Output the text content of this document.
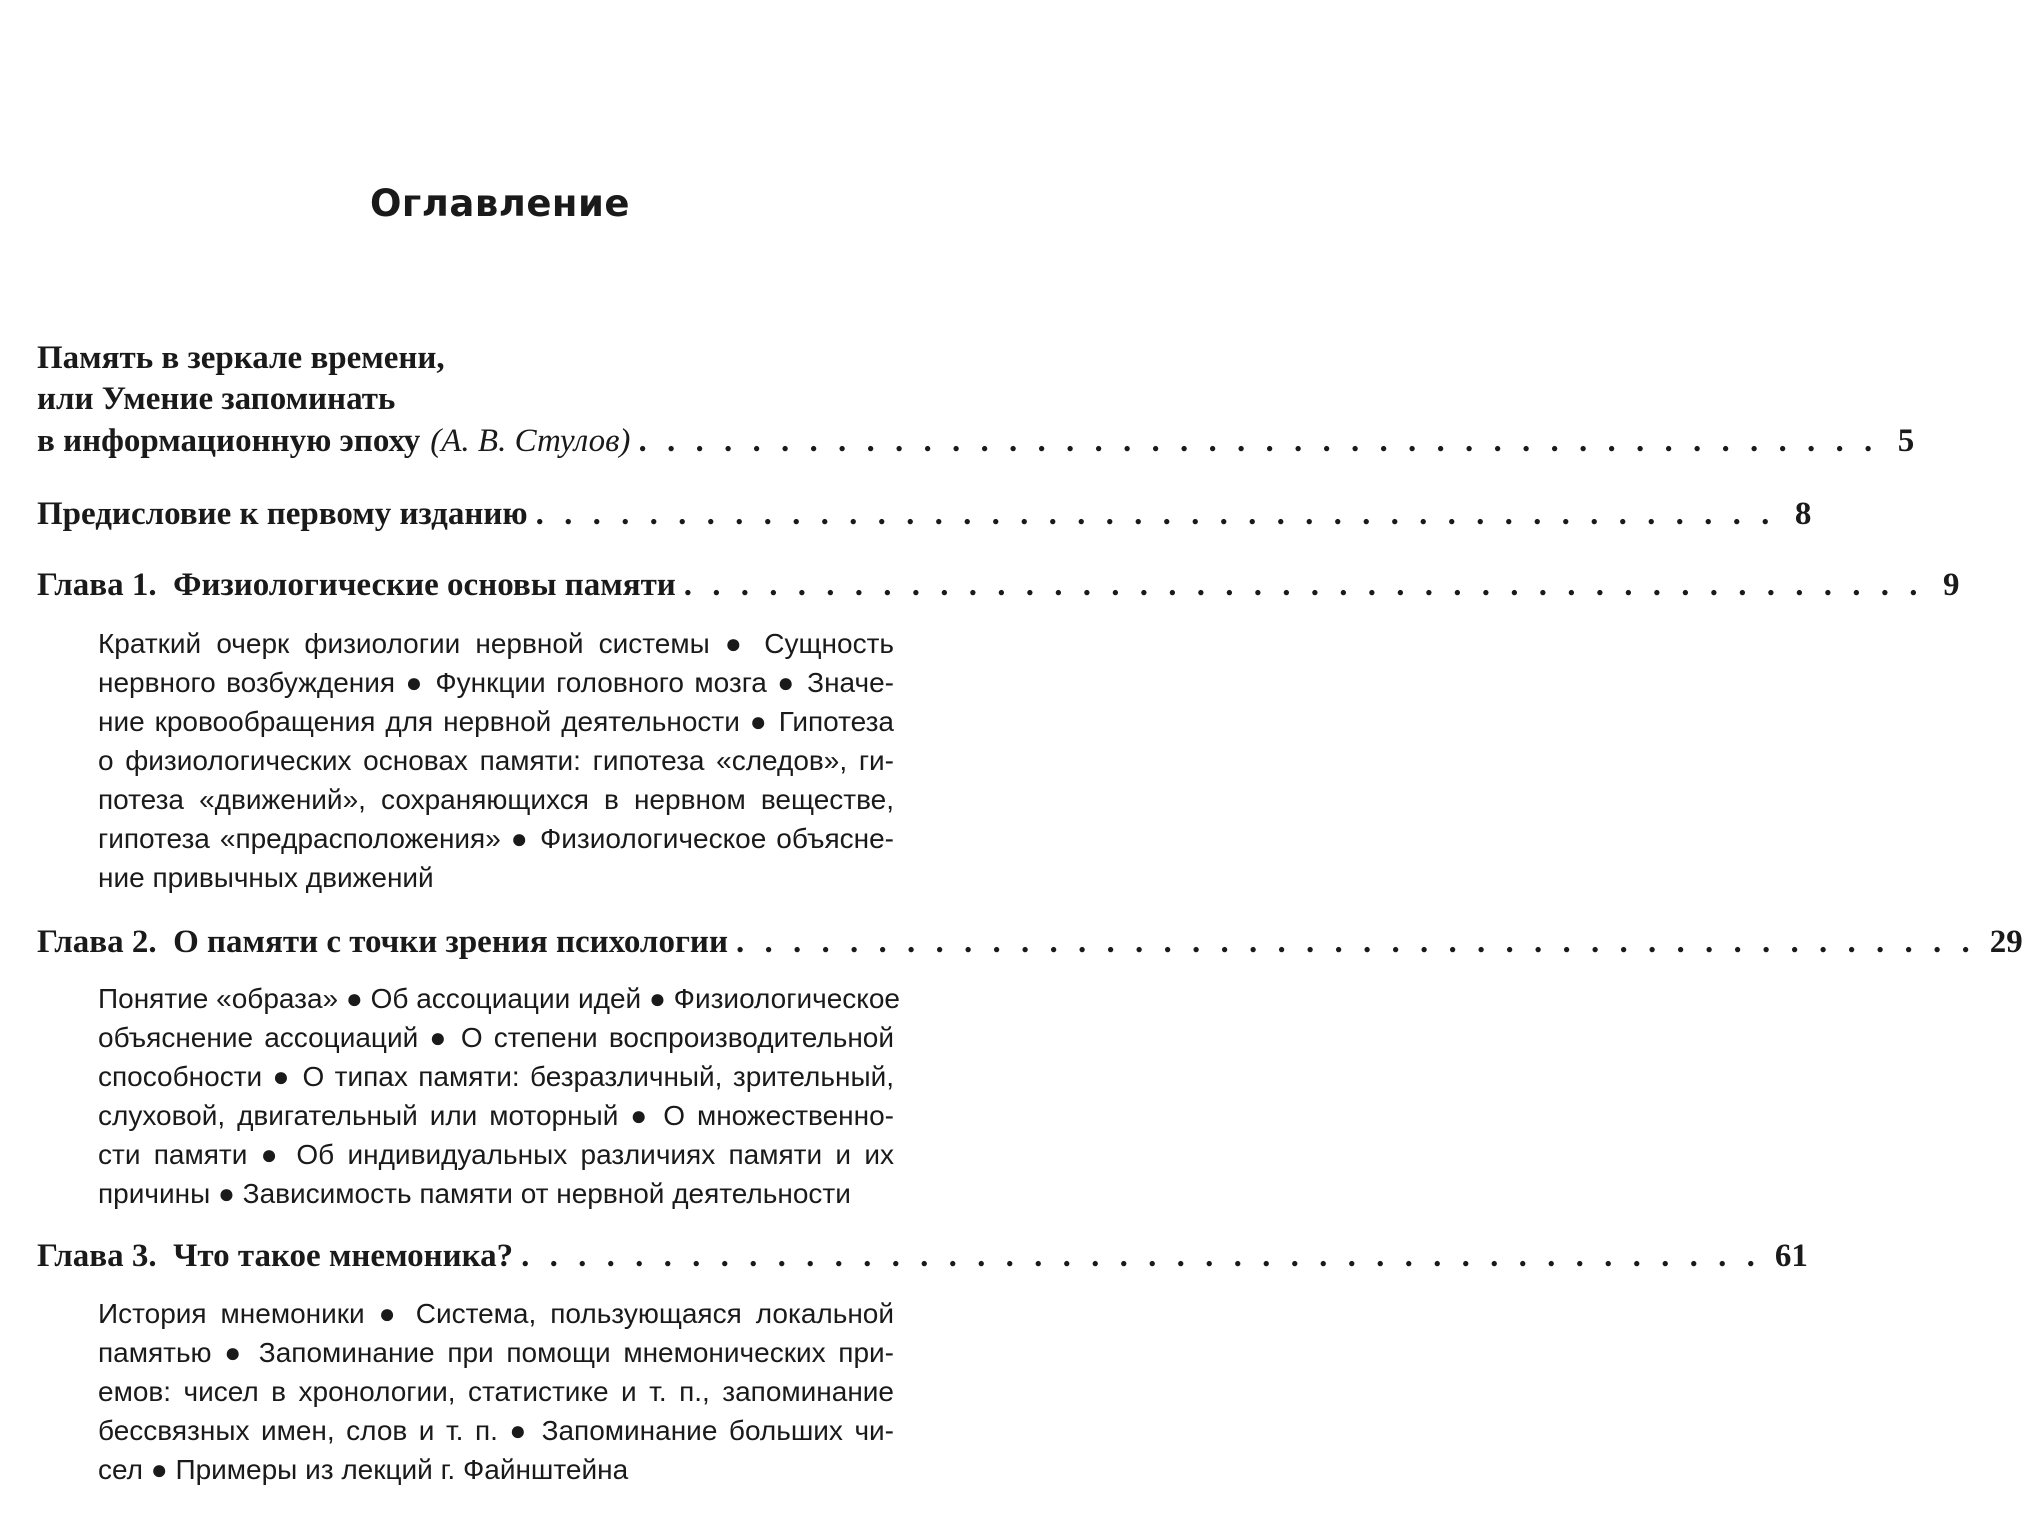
Оглавление
Память в зеркале времени,
или Умение запоминать
в информационную эпоху (А. В. Стулов) . . . . . . . . . . . . . . . . . . . . . . . . . . . . . . . . . . . . . . . . . . . . 5
Предисловие к первому изданию . . . . . . . . . . . . . . . . . . . . . . . . . . . . . . . . . . . . . . . . . . . . 8
Глава 1.  Физиологические основы памяти . . . . . . . . . . . . . . . . . . . . . . . . . . . . . . . . . . . . . . . . . . . . 9
Краткий очерк физиологии нервной системы ● Сущность
нервного возбуждения ● Функции головного мозга ● Значе-
ние кровообращения для нервной деятельности ● Гипотеза
о физиологических основах памяти: гипотеза «следов», ги-
потеза «движений», сохраняющихся в нервном веществе,
гипотеза «предрасположения» ● Физиологическое объясне-
ние привычных движений
Глава 2.  О памяти с точки зрения психологии . . . . . . . . . . . . . . . . . . . . . . . . . . . . . . . . . . . . . . . . . . . . 29
Понятие «образа» ● Об ассоциации идей ● Физиологическое
объяснение ассоциаций ● О степени воспроизводительной
способности ● О типах памяти: безразличный, зрительный,
слуховой, двигательный или моторный ● О множественно-
сти памяти ● Об индивидуальных различиях памяти и их
причины ● Зависимость памяти от нервной деятельности
Глава 3.  Что такое мнемоника? . . . . . . . . . . . . . . . . . . . . . . . . . . . . . . . . . . . . . . . . . . . . 61
История мнемоники ● Система, пользующаяся локальной
памятью ● Запоминание при помощи мнемонических при-
емов: чисел в хронологии, статистике и т. п., запоминание
бессвязных имен, слов и т. п. ● Запоминание больших чи-
сел ● Примеры из лекций г. Файнштейна
